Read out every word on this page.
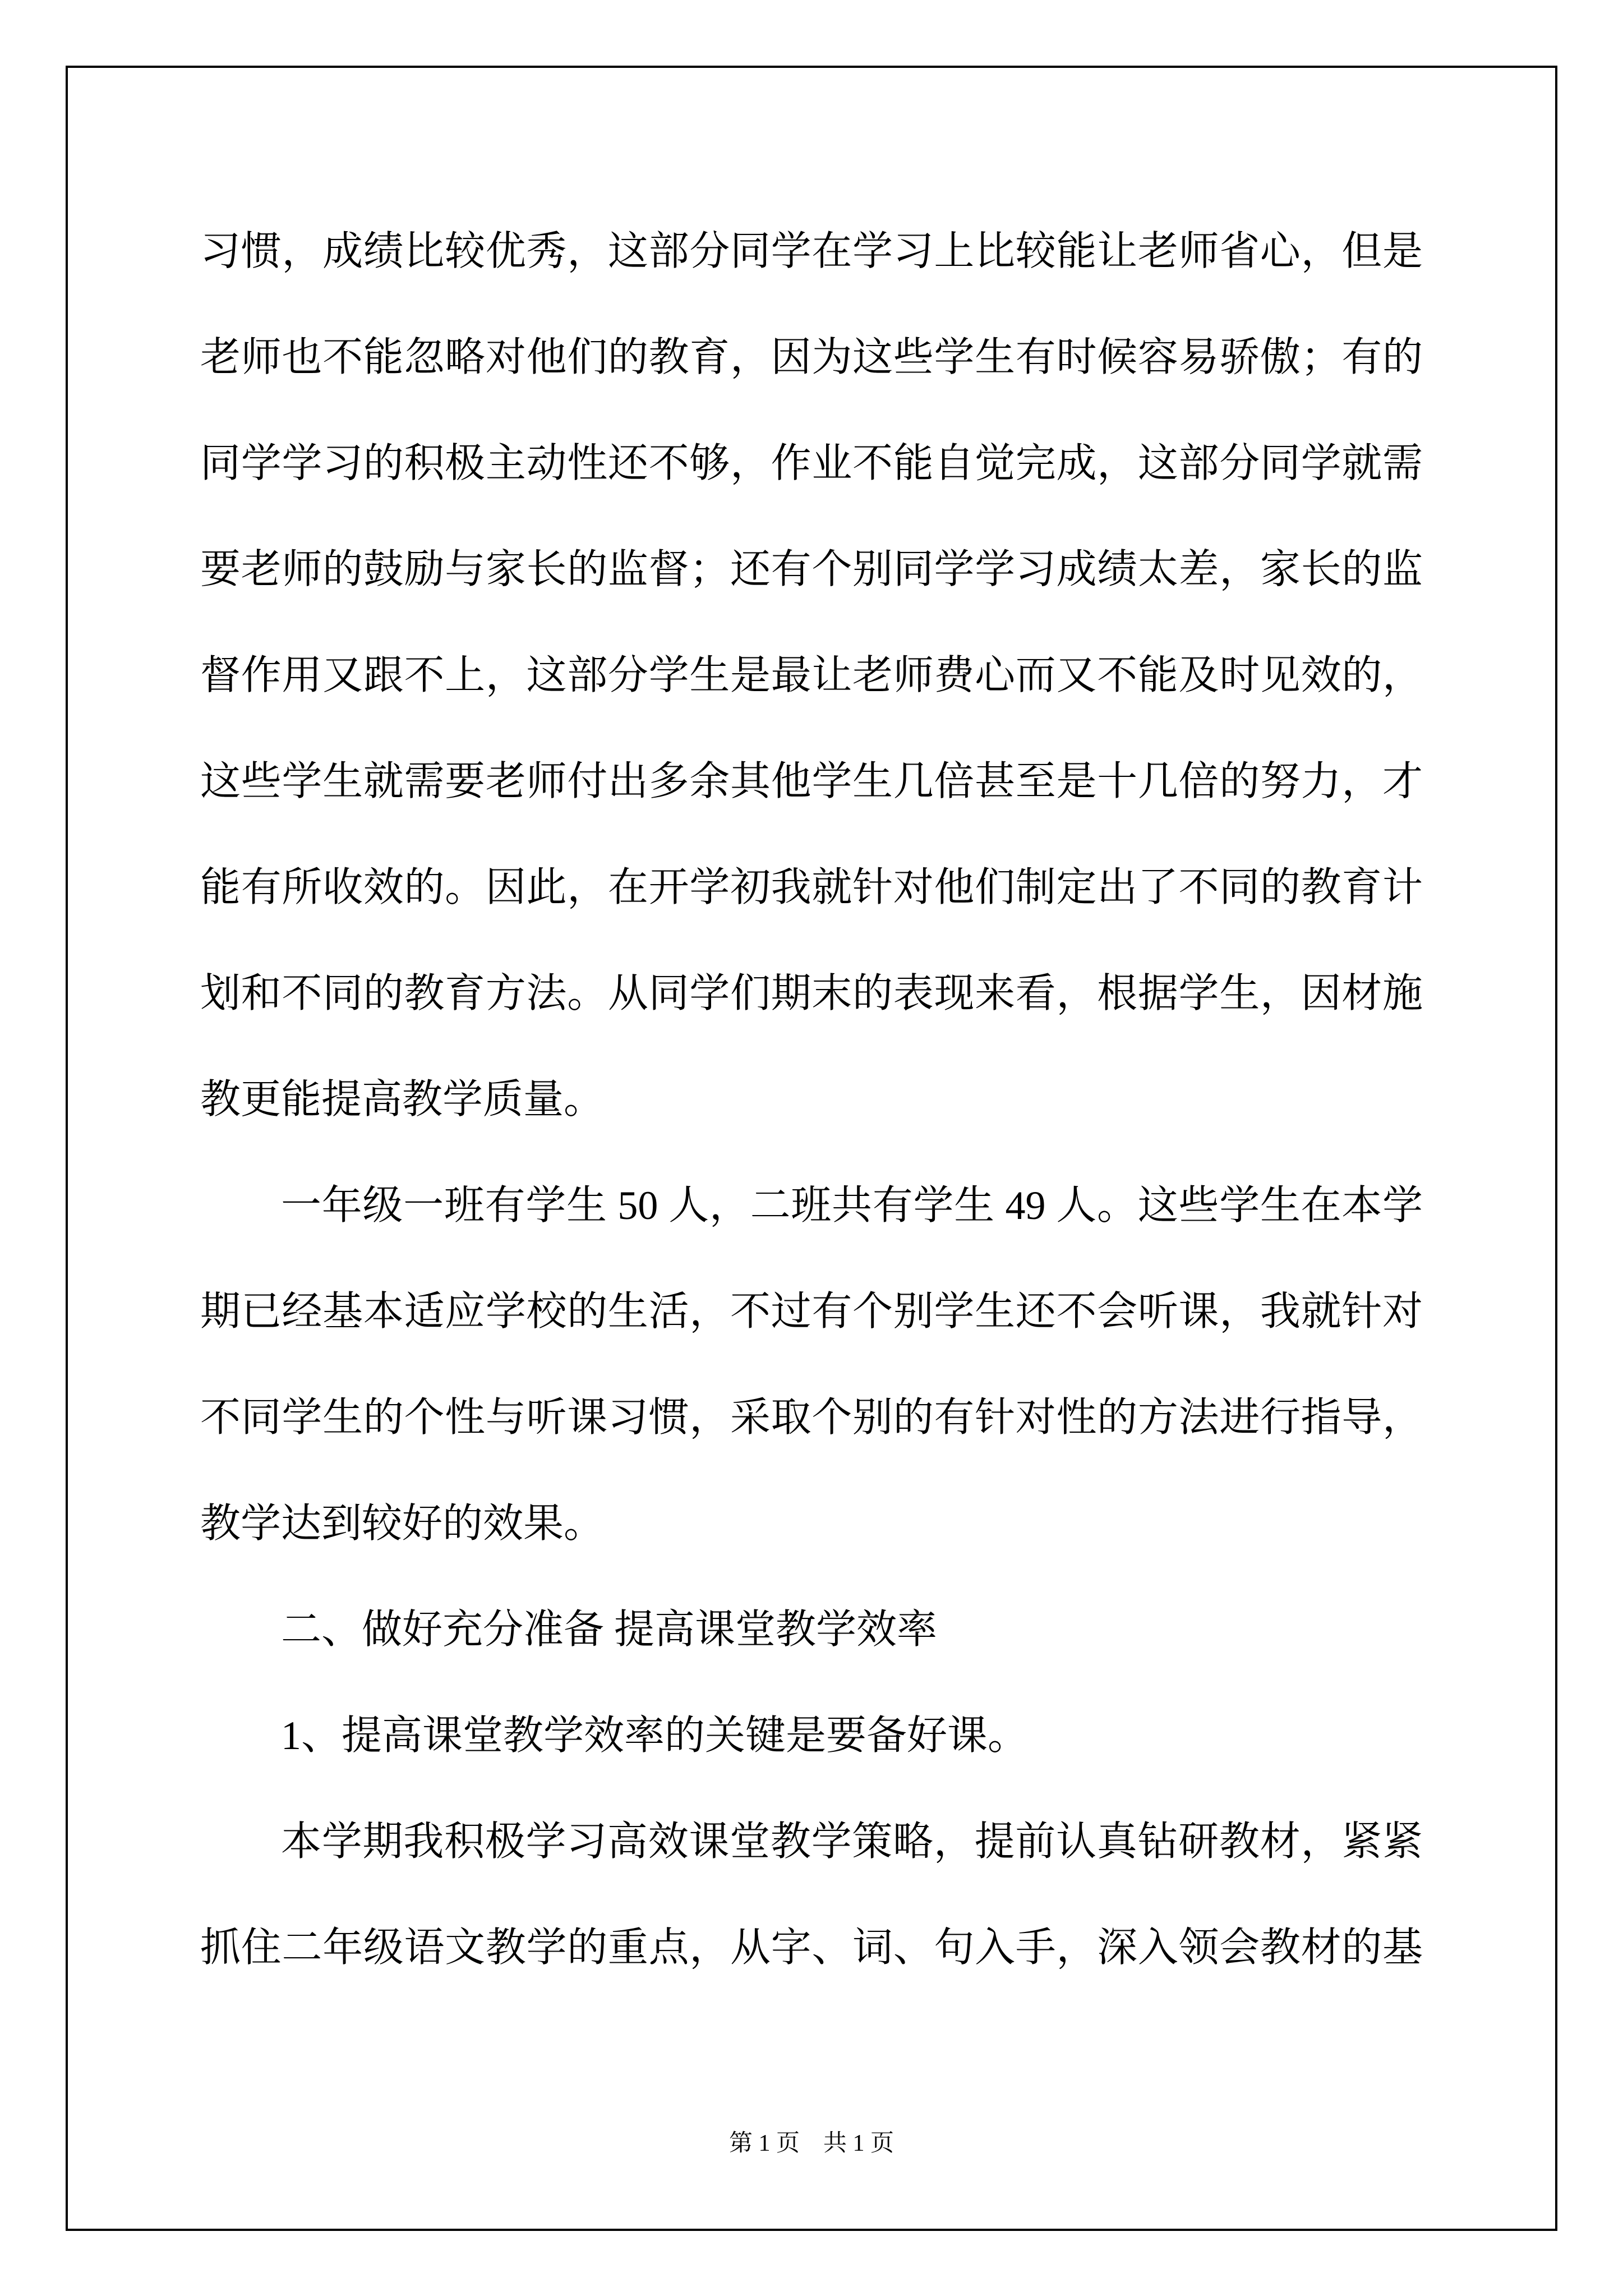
习惯，成绩比较优秀，这部分同学在学习上比较能让老师省心，但是
老师也不能忽略对他们的教育，因为这些学生有时候容易骄傲；有的
同学学习的积极主动性还不够，作业不能自觉完成，这部分同学就需
要老师的鼓励与家长的监督；还有个别同学学习成绩太差，家长的监
督作用又跟不上，这部分学生是最让老师费心而又不能及时见效的，
这些学生就需要老师付出多余其他学生几倍甚至是十几倍的努力，才
能有所收效的。因此，在开学初我就针对他们制定出了不同的教育计
划和不同的教育方法。从同学们期末的表现来看，根据学生，因材施
教更能提高教学质量。
一年级一班有学生 50 人，二班共有学生 49 人。这些学生在本学
期已经基本适应学校的生活，不过有个别学生还不会听课，我就针对
不同学生的个性与听课习惯，采取个别的有针对性的方法进行指导，
教学达到较好的效果。
二、做好充分准备 提高课堂教学效率
1、提高课堂教学效率的关键是要备好课。
本学期我积极学习高效课堂教学策略，提前认真钻研教材，紧紧
抓住二年级语文教学的重点，从字、词、句入手，深入领会教材的基
第 1 页　共 1 页
